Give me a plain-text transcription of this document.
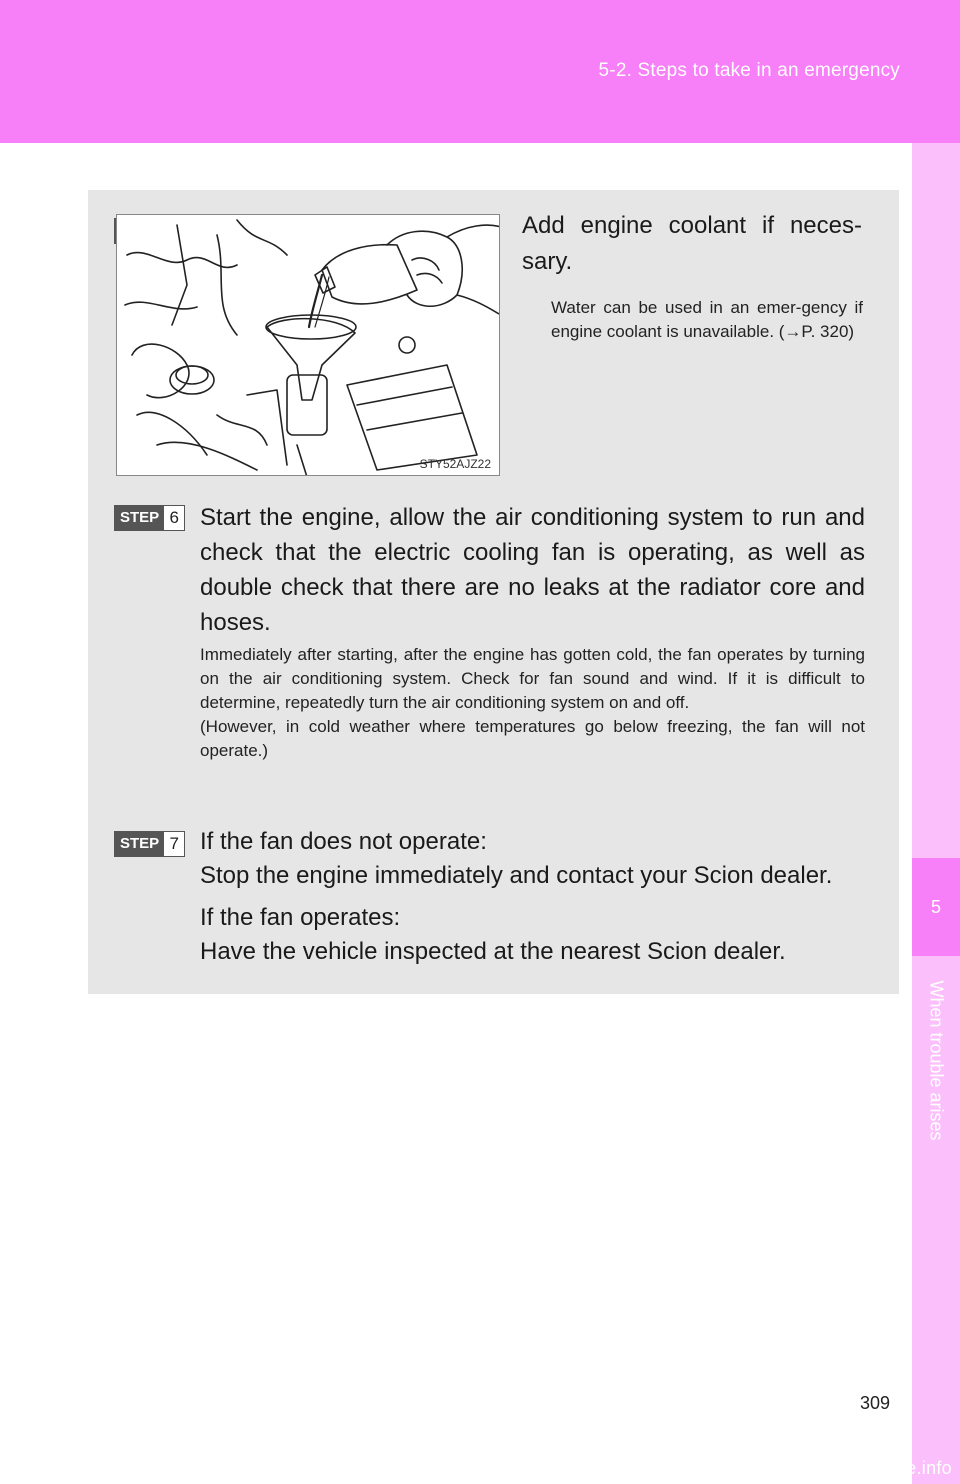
5-2. Steps to take in an emergency
5
When trouble arises
STY52AJZ22
Add engine coolant if neces-sary.
Water can be used in an emer-gency if engine coolant is unavailable. (→P. 320)
STEP 6 Start the engine, allow the air conditioning system to run and check that the electric cooling fan is operating, as well as double check that there are no leaks at the radiator core and hoses.
Immediately after starting, after the engine has gotten cold, the fan operates by turning on the air conditioning system. Check for fan sound and wind. If it is difficult to determine, repeatedly turn the air conditioning system on and off.
(However, in cold weather where temperatures go below freezing, the fan will not operate.)
STEP 7 If the fan does not operate:

Stop the engine immediately and contact your Scion dealer.

If the fan operates:

Have the vehicle inspected at the nearest Scion dealer.

309
carmanualsonline.info
